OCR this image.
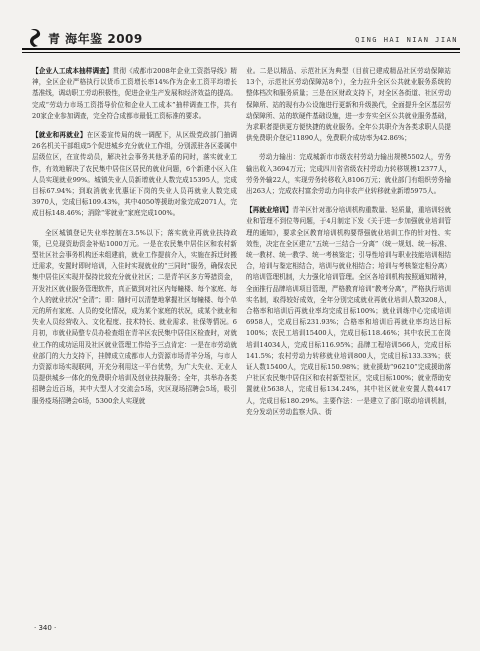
青 海年鉴 2009	QING HAI NIAN JIAN

【企业人工成本抽样调查】贯彻《成都市2008年企业工资指导线》精神，全区企业严格执行以货币工资增长率14%作为企业工资平均增长基准线，调动职工劳动积极性，促进企业生产发展和经济效益的提高。完成“劳动力市场工资指导价位和企业人工成本”抽样调查工作，共有20家企业参加调查，完全符合成都市最低工资标准的要求。

【就业和再就业】在区委宣传局的统一调配下，从区级党政部门抽调26名机关干部组成5个促进城乡充分就业工作组，分别派驻各区委属中层级位区，在宣传动员，解决社会事务其他矛盾的同时，落实就业工作，有效地解决了农民集中居住区居民的就业问题，6个新建小区入住人员实现就业99%。城镇失业人员新增就业人数完成15395人，完成目标67.94%；到取消就业优惠证下岗的失业人员再就业人数完成3970人，完成目标109.43%，其中4050等援助对象完成2071人，完成目标148.46%；消除“零就业”家庭完成100%。

全区城镇登记失业率控制在3.5%以下；落实就业再就业扶持政策，已兑现资助资金补贴1000万元。一是在农民集中居住区和农村新型社区社会事务机构还未组建前，就业工作提前介入，实施在拆迁时搬迁需求，安置时即时培训，入住时实现就业的“三同时”服务，确保农民集中居住区实现并保持比较充分就业社区；二是青羊区多方筹措资金，开发社区就业服务管理软件，真正做到对社区内每幢楼、每个家庭、每个人的就业状况“全清”；即：随时可以清楚地掌握社区每幢楼、每个单元的所有家庭、人员的变化情况，成为某个家庭的状况，成某个就业和失业人员经营收入、文化程度、技术特长、就业需求、社保等情况。6月初，市就业局整专员办检查组在青羊区农民集中居住区检查时，对就业工作的成功运用及社区就业管理工作给予三点肯定：一是在市劳动就业部门的大力支持下，挂牌成立成都市人力资源市场青羊分场，与市人力资源市场实现联网，开充分利用这一平台优势，为广大失业、无业人员提供城乡一体化的免费职介培训及创业扶持服务；全年，共举办各类招聘会近百场，其中大型人才交流会5场，灾区现场招聘会5场，吸引服务疫场招聘会6场，5300余人实现就

业。二是以精品、示范社区为典型（目前已建成精品社区劳动保障站13个，示范社区劳动保障站8个），全力拉升全区公共就业服务系统的整体档次和服务质量；三是在区财政支持下，对全区各街道、社区劳动保障所、站的现有办公设施进行更新和升级换代，全面提升全区基层劳动保障所、站的软硬件基础设施，进一步夯实全区公共就业服务基础，为求职者提供更方便快捷的就业服务。全年公共职介为各类求职人员提供免费职介登记11890人，免费职介成功率为42.86%；

劳动力输出：完成城新市市级农村劳动力输出规模5502人，劳务输出收入3694万元；完成四川省省级农村劳动力转移规模12377人，劳务外输22人，实现劳务转移收入8106万元；就业部门有组织劳务输出263人；完成农村富余劳动力向非农产业转移就业新增5975人。

【再就业培训】青羊区针对那分培训机构重数量、轻质量，重培训轻就业和管理不到位等问题，于4月制定下发《关于进一步加强就业培训管理的通知》，要求全区教育培训机构要帮强就业培训工作的针对性、实效性，决定在全区建立“五统一三结合一分离”（统一规划、统一标准、统一教材、统一教学、统一考核鉴定；引导性培训与职业技能培训相结合，培训与鉴定相结合，培训与就业相结合；培训与考核鉴定相分离）的培训管理机制，大力强化培训管理。全区各培训机构按照通知精神，全面推行品牌培训项目管理，严格教育培训“教考分离”，严格执行培训实名制，取得较好成效，全年分别完成就业再就业培训人数3208人，合格率和培训后再就业率均完成目标100%；就业训练中心完成培训6958人，完成目标231.93%；合格率和培训后再就业率均达目标100%；农民工培训15400人，完成目标118.46%；其中农民工在岗培训14034人，完成目标116.95%；品牌工程培训566人，完成目标141.5%；农村劳动力转移就业培训800人，完成目标133.33%；获证人数15400人，完成目标150.98%；就业援助“96210”完成援助落户社区农民集中居住区和农村新型社区，完成目标100%；就业帮助安置就业5638人，完成目标134.24%，其中社区就业安置人数4417人，完成目标180.29%。主要作法：一是建立了部门联动培训机制，充分发动区劳动监察大队、街

· 340 ·
